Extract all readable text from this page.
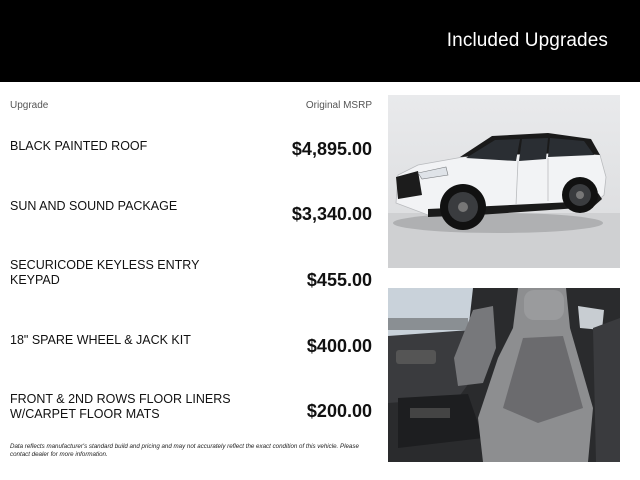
Included Upgrades
Upgrade	Original MSRP
BLACK PAINTED ROOF	$4,895.00
SUN AND SOUND PACKAGE	$3,340.00
SECURICODE KEYLESS ENTRY KEYPAD	$455.00
18" SPARE WHEEL & JACK KIT	$400.00
FRONT & 2ND ROWS FLOOR LINERS W/CARPET FLOOR MATS	$200.00
Data reflects manufacturer's standard build and pricing and may not accurately reflect the exact condition of this vehicle. Please contact dealer for more information.
